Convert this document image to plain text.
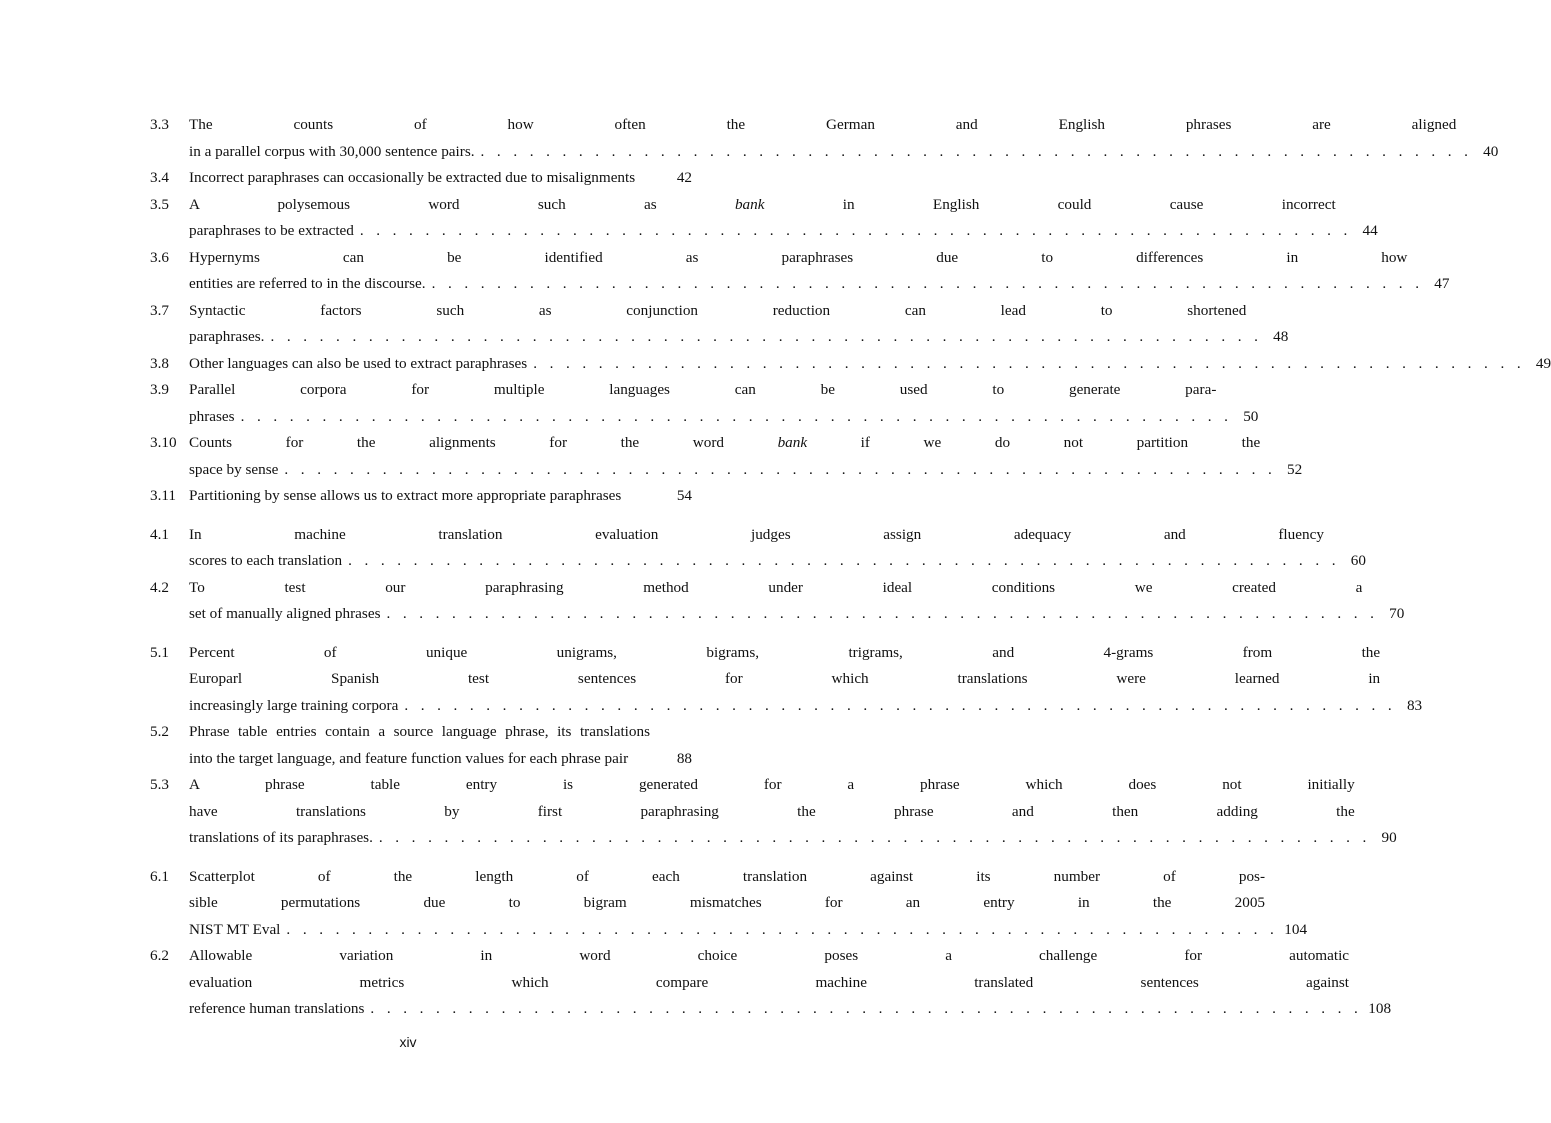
3.3	The counts of how often the German and English phrases are aligned
in a parallel corpus with 30,000 sentence pairs. . . .	40
3.4	Incorrect paraphrases can occasionally be extracted due to misalignments	42
3.5	A polysemous word such as bank in English could cause incorrect
paraphrases to be extracted . . .	44
3.6	Hypernyms can be identified as paraphrases due to differences in how
entities are referred to in the discourse. . . .	47
3.7	Syntactic factors such as conjunction reduction can lead to shortened
paraphrases. . . .	48
3.8	Other languages can also be used to extract paraphrases . . .	49
3.9	Parallel corpora for multiple languages can be used to generate para-
phrases . . .	50
3.10 Counts for the alignments for the word bank if we do not partition the
space by sense . . .	52
3.11 Partitioning by sense allows us to extract more appropriate paraphrases	54
4.1	In machine translation evaluation judges assign adequacy and fluency
scores to each translation . . .	60
4.2	To test our paraphrasing method under ideal conditions we created a
set of manually aligned phrases . . .	70
5.1	Percent of unique unigrams, bigrams, trigrams, and 4-grams from the
Europarl Spanish test sentences for which translations were learned in
increasingly large training corpora . . .	83
5.2	Phrase table entries contain a source language phrase, its translations
into the target language, and feature function values for each phrase pair	88
5.3	A phrase table entry is generated for a phrase which does not initially
have translations by first paraphrasing the phrase and then adding the
translations of its paraphrases. . . .	90
6.1	Scatterplot of the length of each translation against its number of pos-
sible permutations due to bigram mismatches for an entry in the 2005
NIST MT Eval . . .	104
6.2	Allowable variation in word choice poses a challenge for automatic
evaluation metrics which compare machine translated sentences against
reference human translations . . .	108
xiv
